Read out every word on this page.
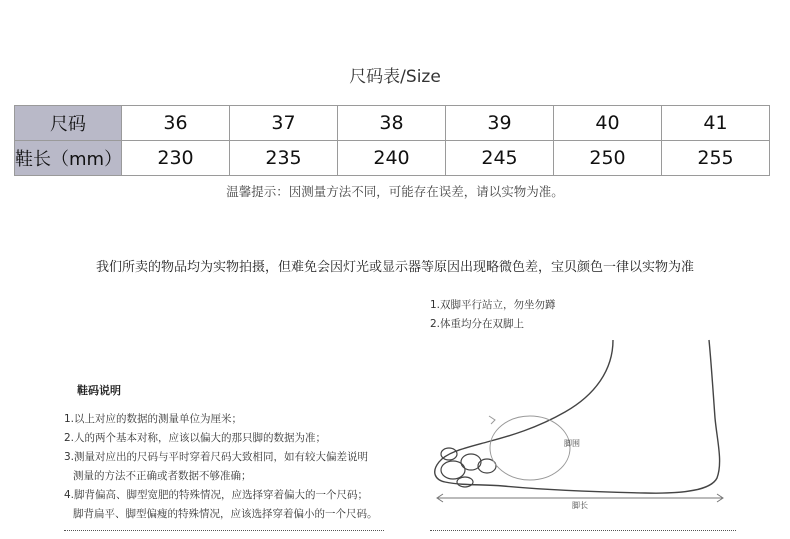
尺码表/Size
尺码	36	37	38	39	40	41
鞋长（mm）	230	235	240	245	250	255
温馨提示：因测量方法不同，可能存在误差，请以实物为准。
我们所卖的物品均为实物拍摄，但难免会因灯光或显示器等原因出现略微色差，宝贝颜色一律以实物为准
1.双脚平行站立，勿坐勿蹲
2.体重均分在双脚上
脚围
脚长
鞋码说明
1.以上对应的数据的测量单位为厘米；
2.人的两个基本对称，应该以偏大的那只脚的数据为准；
3.测量对应出的尺码与平时穿着尺码大致相同，如有较大偏差说明
测量的方法不正确或者数据不够准确；
4.脚背偏高、脚型宽肥的特殊情况，应选择穿着偏大的一个尺码；
脚背扁平、脚型偏瘦的特殊情况，应该选择穿着偏小的一个尺码。
